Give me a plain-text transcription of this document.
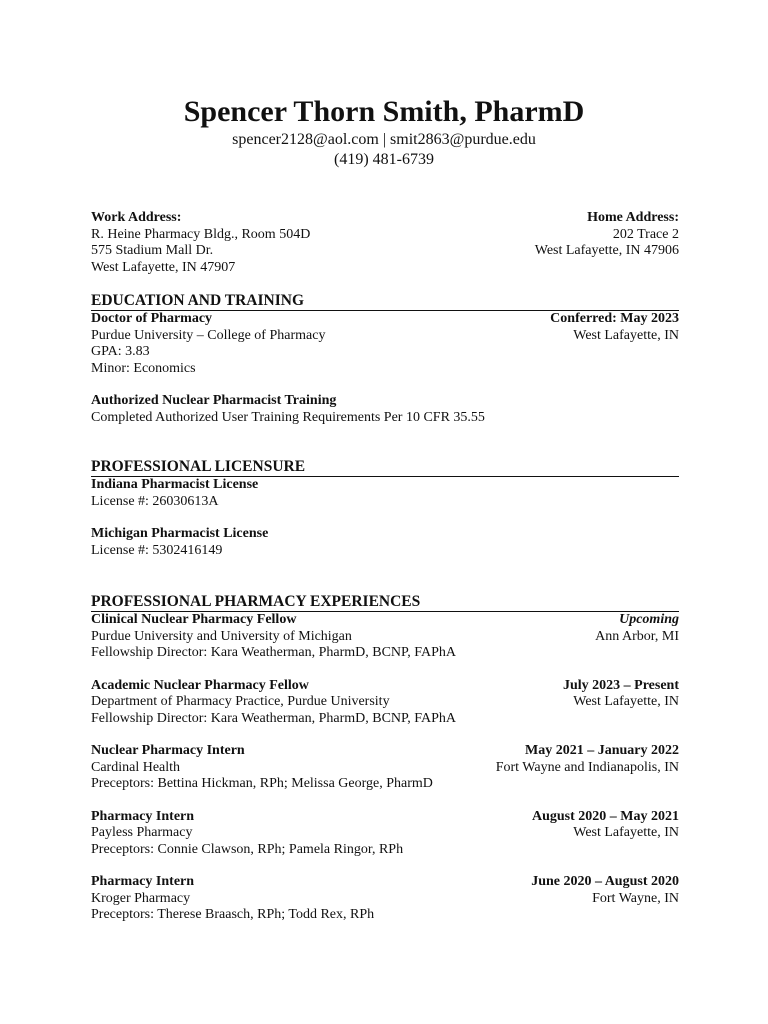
Spencer Thorn Smith, PharmD
spencer2128@aol.com | smit2863@purdue.edu
(419) 481-6739
Work Address:
R. Heine Pharmacy Bldg., Room 504D
575 Stadium Mall Dr.
West Lafayette, IN 47907
Home Address:
202 Trace 2
West Lafayette, IN 47906
EDUCATION AND TRAINING
Doctor of Pharmacy	Conferred: May 2023
Purdue University – College of Pharmacy	West Lafayette, IN
GPA: 3.83
Minor: Economics
Authorized Nuclear Pharmacist Training
Completed Authorized User Training Requirements Per 10 CFR 35.55
PROFESSIONAL LICENSURE
Indiana Pharmacist License
License #: 26030613A
Michigan Pharmacist License
License #: 5302416149
PROFESSIONAL PHARMACY EXPERIENCES
Clinical Nuclear Pharmacy Fellow	Upcoming
Purdue University and University of Michigan	Ann Arbor, MI
Fellowship Director: Kara Weatherman, PharmD, BCNP, FAPhA
Academic Nuclear Pharmacy Fellow	July 2023 – Present
Department of Pharmacy Practice, Purdue University	West Lafayette, IN
Fellowship Director: Kara Weatherman, PharmD, BCNP, FAPhA
Nuclear Pharmacy Intern	May 2021 – January 2022
Cardinal Health	Fort Wayne and Indianapolis, IN
Preceptors: Bettina Hickman, RPh; Melissa George, PharmD
Pharmacy Intern	August 2020 – May 2021
Payless Pharmacy	West Lafayette, IN
Preceptors: Connie Clawson, RPh; Pamela Ringor, RPh
Pharmacy Intern	June 2020 – August 2020
Kroger Pharmacy	Fort Wayne, IN
Preceptors: Therese Braasch, RPh; Todd Rex, RPh
